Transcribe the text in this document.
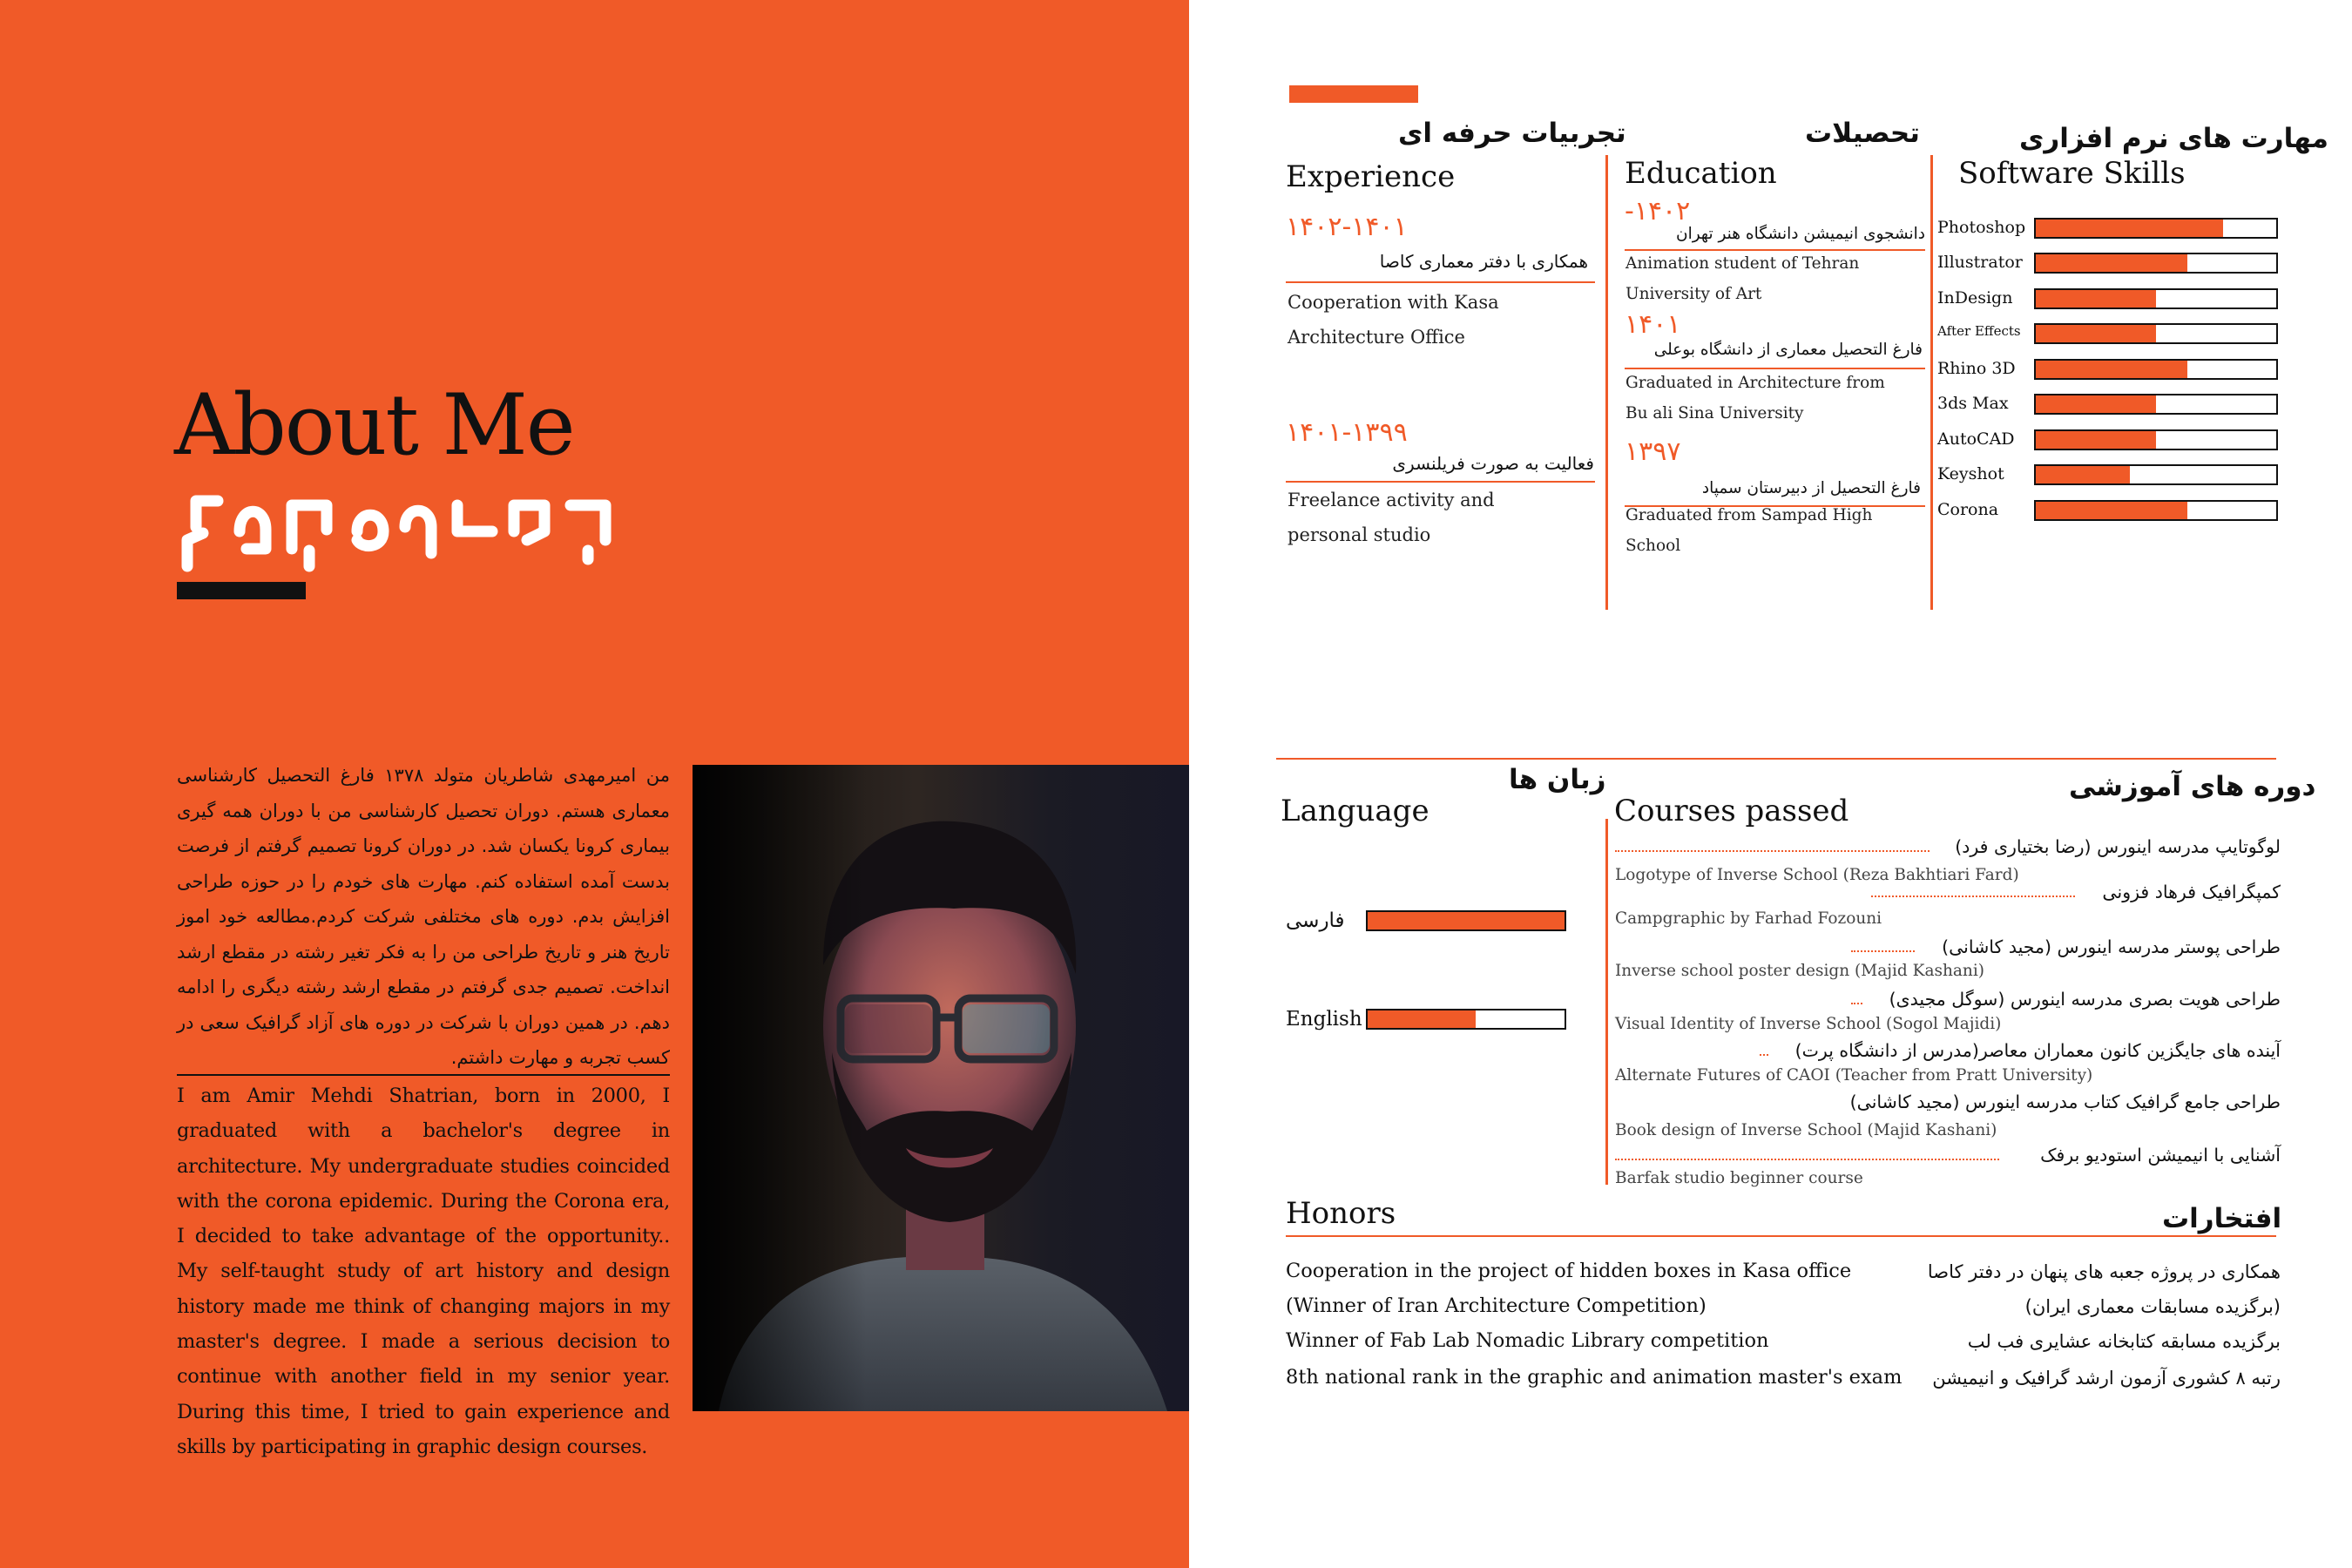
About Me

من امیرمهدی شاطریان متولد ۱۳۷۸ فارغ التحصیل کارشناسی معماری هستم. دوران تحصیل کارشناسی من با دوران همه گیری بیماری کرونا یکسان شد. در دوران کرونا تصمیم گرفتم از فرصت بدست آمده استفاده کنم. مهارت های خودم را در حوزه طراحی افزایش بدم. دوره های مختلفی شرکت کردم.مطالعه خود اموز تاریخ هنر و تاریخ طراحی من را به فکر تغیر رشته در مقطع ارشد انداخت. تصمیم جدی گرفتم در مقطع ارشد رشته دیگری را ادامه دهم. در همین دوران با شرکت در دوره های آزاد گرافیک سعی در کسب تجربه و مهارت داشتم.

I am Amir Mehdi Shatrian, born in 2000, I graduated with a bachelor's degree in architecture. My undergraduate studies coincided with the corona epidemic. During the Corona era, I decided to take advantage of the opportunity.. My self-taught study of art history and design history made me think of changing majors in my master's degree. I made a serious decision to continue with another field in my senior year. During this time, I tried to gain experience and skills by participating in graphic design courses.

تجربیات حرفه ای
Experience
۱۴۰۲-۱۴۰۱
همکاری با دفتر معماری کاصا
Cooperation with Kasa
Architecture Office
۱۴۰۱-۱۳۹۹
فعالیت به صورت فریلنسری
Freelance activity and
personal studio
تحصیلات
Education
۱۴۰۲-
دانشجوی انیمیشن دانشگاه هنر تهران
Animation student of Tehran
University of Art
۱۴۰۱
فارغ التحصیل معماری از دانشگاه بوعلی
Graduated in Architecture from
Bu ali Sina University
۱۳۹۷
فارغ التحصیل از دبیرستان سمپاد
Graduated from Sampad High
School
مهارت های نرم افزاری
Software Skills
Photoshop
Illustrator
InDesign
After Effects
Rhino 3D
3ds Max
AutoCAD
Keyshot
Corona
زبان ها
Language
فارسی
English
دوره های آموزشی
Courses passed
لوگوتایپ مدرسه اینورس (رضا بختیاری فرد)
Logotype of Inverse School (Reza Bakhtiari Fard)
کمپگرافیک فرهاد فزونی
Campgraphic by Farhad Fozouni
طراحی پوستر مدرسه اینورس (مجید کاشانی)
Inverse school poster design (Majid Kashani)
طراحی هویت بصری مدرسه اینورس (سوگل مجیدی)
Visual Identity of Inverse School (Sogol Majidi)
آینده های جایگزین کانون معماران معاصر(مدرس از دانشگاه پرت)
Alternate Futures of CAOI (Teacher from Pratt University)
طراحی جامع گرافیک کتاب مدرسه اینورس (مجید کاشانی)
Book design of Inverse School (Majid Kashani)
آشنایی با انیمیشن استودیو برفک
Barfak studio beginner course
Honors	افتخارات
Cooperation in the project of hidden boxes in Kasa office	همکاری در پروژه جعبه های پنهان در دفتر کاصا
(Winner of Iran Architecture Competition)	(برگزیده مسابقات معماری ایران)
Winner of Fab Lab Nomadic Library competition	برگزیده مسابقه کتابخانه عشایری فب لب
8th national rank in the graphic and animation master's exam رتبه ۸ کشوری آزمون ارشد گرافیک و انیمیشن
